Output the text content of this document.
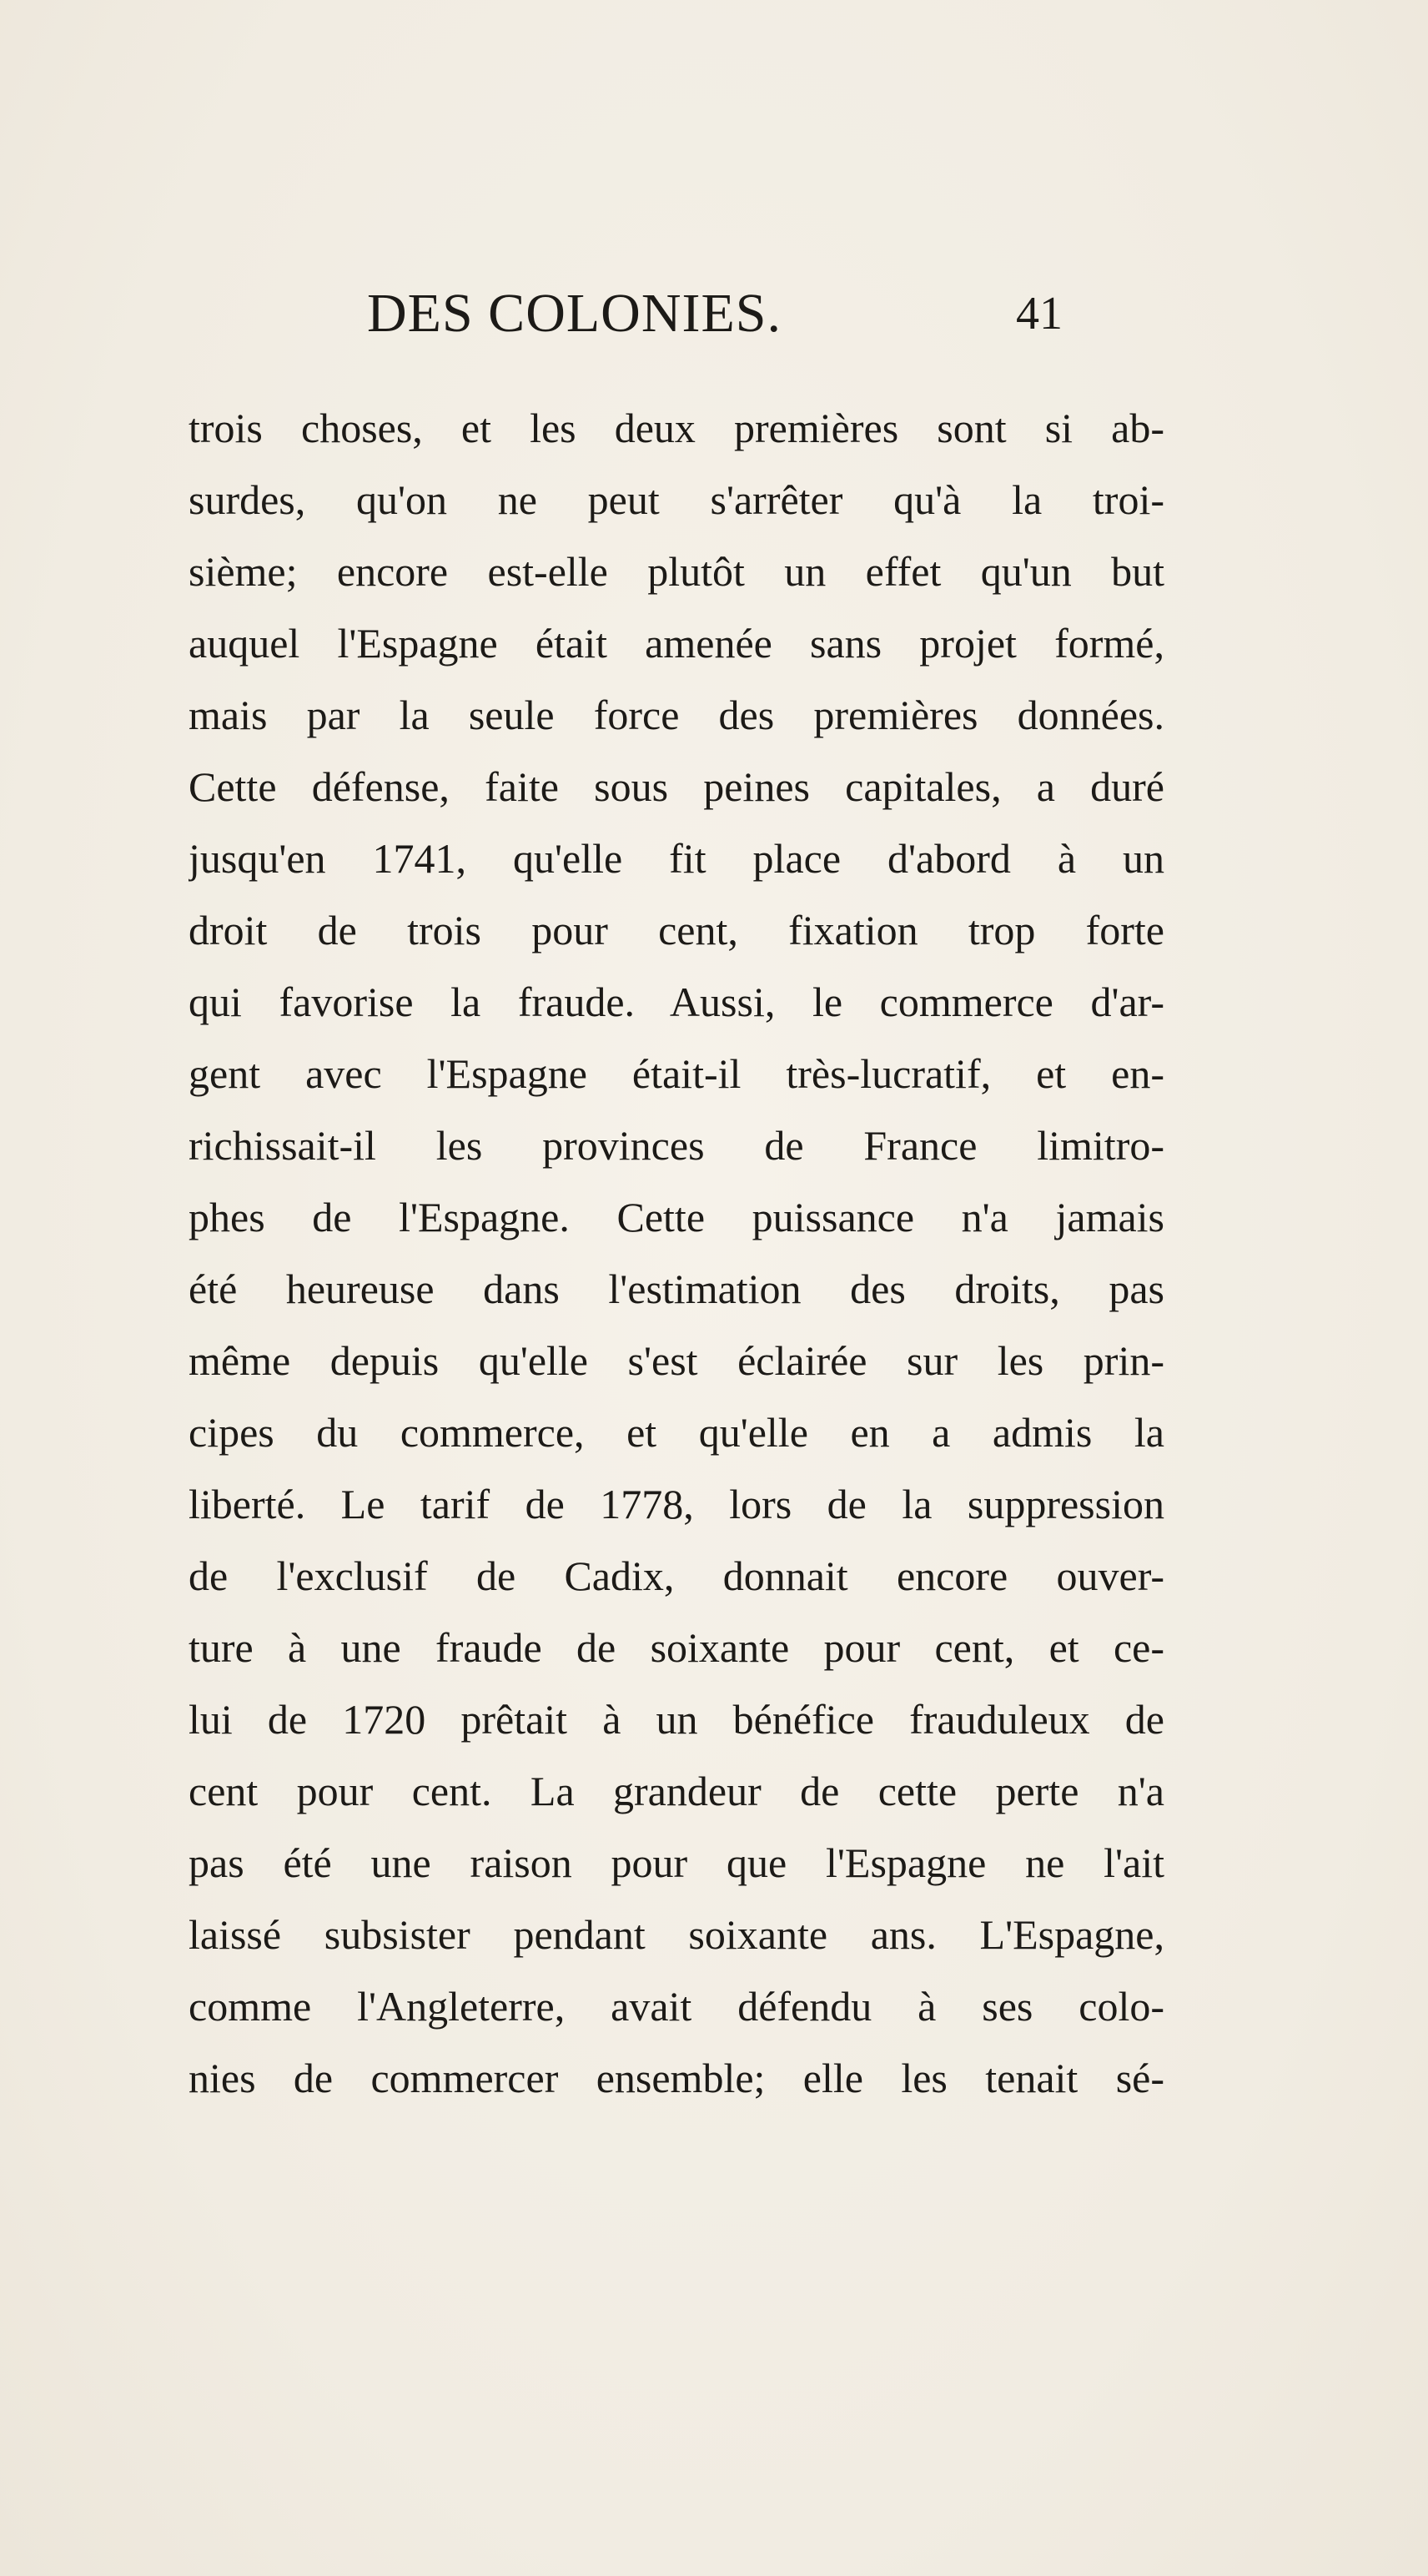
DES COLONIES.	41
trois choses, et les deux premières sont si ab-
surdes, qu'on ne peut s'arrêter qu'à la troi-
sième; encore est-elle plutôt un effet qu'un but
auquel l'Espagne était amenée sans projet formé,
mais par la seule force des premières données.
Cette défense, faite sous peines capitales, a duré
jusqu'en 1741, qu'elle fit place d'abord à un
droit de trois pour cent, fixation trop forte
qui favorise la fraude. Aussi, le commerce d'ar-
gent avec l'Espagne était-il très-lucratif, et en-
richissait-il les provinces de France limitro-
phes de l'Espagne. Cette puissance n'a jamais
été heureuse dans l'estimation des droits, pas
même depuis qu'elle s'est éclairée sur les prin-
cipes du commerce, et qu'elle en a admis la
liberté. Le tarif de 1778, lors de la suppression
de l'exclusif de Cadix, donnait encore ouver-
ture à une fraude de soixante pour cent, et ce-
lui de 1720 prêtait à un bénéfice frauduleux de
cent pour cent. La grandeur de cette perte n'a
pas été une raison pour que l'Espagne ne l'ait
laissé subsister pendant soixante ans. L'Espagne,
comme l'Angleterre, avait défendu à ses colo-
nies de commercer ensemble; elle les tenait sé-
